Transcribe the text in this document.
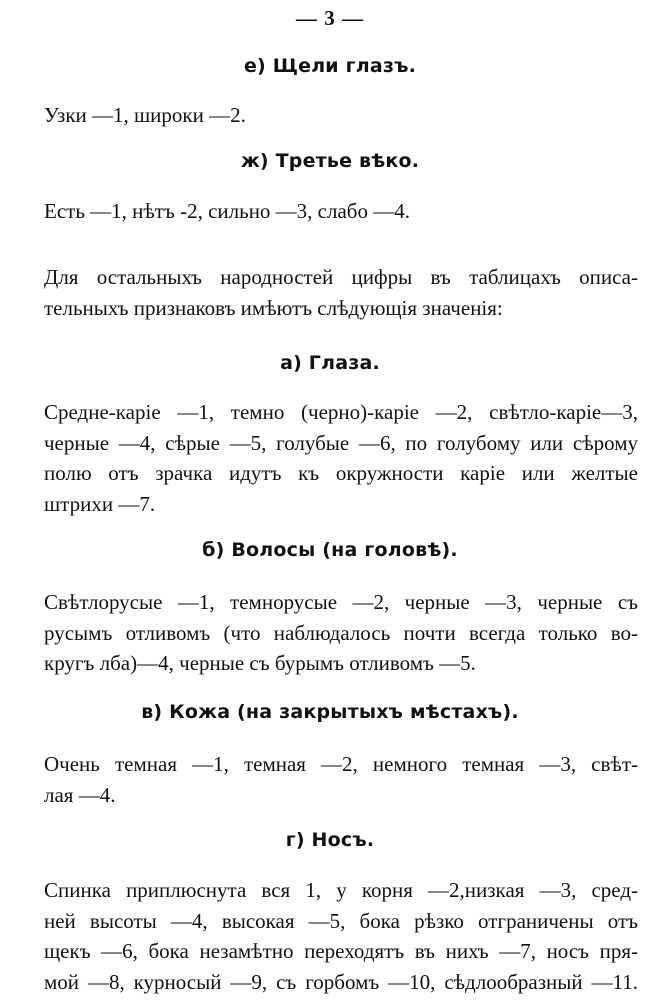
— 3 —
е) Щели глазъ.
Узки —1, широки —2.
ж) Третье вѣко.
Есть —1, нѣтъ -2, сильно —3, слабо —4.
Для остальныхъ народностей цифры въ таблицахъ описа-
тельныхъ признаковъ имѣютъ слѣдующія значенія:
а) Глаза.
Средне-каріе —1, темно (черно)-каріе —2, свѣтло-каріе—3,
черные —4, сѣрые —5, голубые —6, по голубому или сѣрому
полю отъ зрачка идутъ къ окружности каріе или желтые
штрихи —7.
б) Волосы (на головѣ).
Свѣтлорусые —1, темнорусые —2, черные —3, черные съ
русымъ отливомъ (что наблюдалось почти всегда только во-
кругъ лба)—4, черные съ бурымъ отливомъ —5.
в) Кожа (на закрытыхъ мѣстахъ).
Очень темная —1, темная —2, немного темная —3, свѣт-
лая —4.
г) Носъ.
Спинка приплюснута вся 1, у корня —2,низкая —3, сред-
ней высоты —4, высокая —5, бока рѣзко отграничены отъ
щекъ —6, бока незамѣтно переходятъ въ нихъ —7, носъ пря-
мой —8, курносый —9, съ горбомъ —10, сѣдлообразный —11.
